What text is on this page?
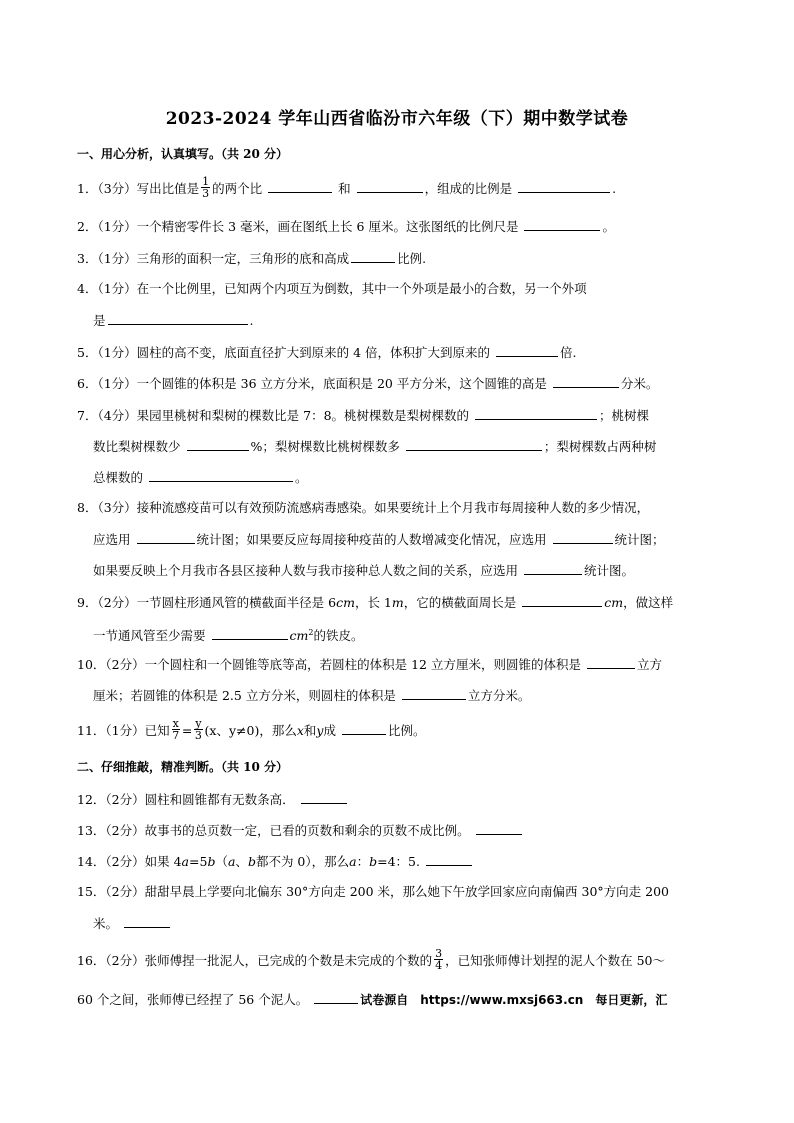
2023-2024 学年山西省临汾市六年级（下）期中数学试卷
一、用心分析，认真填写。（共 20 分）
1．（3分）写出比值是 $\frac{1}{3}$ 的两个比	和	，组成的比例是	.
2．（1分）一个精密零件长 3 毫米，画在图纸上长 6 厘米。这张图纸的比例尺是	。
3．（1分）三角形的面积一定，三角形的底和高成	比例.
4．（1分）在一个比例里，已知两个内项互为倒数，其中一个外项是最小的合数，另一个外项
是	.
5．（1分）圆柱的高不变，底面直径扩大到原来的 4 倍，体积扩大到原来的	倍.
6．（1分）一个圆锥的体积是 36 立方分米，底面积是 20 平方分米，这个圆锥的高是	分米。
7．（4分）果园里桃树和梨树的棵数比是 7：8。桃树棵数是梨树棵数的	；桃树棵
数比梨树棵数少	%；梨树棵数比桃树棵数多	；梨树棵数占两种树
总棵数的	。
8．（3分）接种流感疫苗可以有效预防流感病毒感染。如果要统计上个月我市每周接种人数的多少情况，
应选用	统计图；如果要反应每周接种疫苗的人数增减变化情况，应选用	统计图；
如果要反映上个月我市各县区接种人数与我市接种总人数之间的关系，应选用	统计图。
9．（2分）一节圆柱形通风管的横截面半径是 6cm，长 1m，它的横截面周长是	cm，做这样
一节通风管至少需要	$cm^2$的铁皮。
10．（2分）一个圆柱和一个圆锥等底等高，若圆柱的体积是 12 立方厘米，则圆锥的体积是	立方
厘米；若圆锥的体积是 2.5 立方分米，则圆柱的体积是	立方分米。
11．（1分）已知 $\frac{x}{7} = \frac{y}{3} (x$、y≠0)，那么x和y成	比例。
二、仔细推敲，精准判断。（共 10 分）
12．（2分）圆柱和圆锥都有无数条高．
13．（2分）故事书的总页数一定，已看的页数和剩余的页数不成比例。
14．（2分）如果 4a=5b（a、b都不为 0），那么a：b=4：5.
15．（2分）甜甜早晨上学要向北偏东 30°方向走 200 米，那么她下午放学回家应向南偏西 30°方向走 200
米。
16．（2分）张师傅捏一批泥人，已完成的个数是未完成的个数的 $\frac{3}{4}$ ，已知张师傅计划捏的泥人个数在 50～
60 个之间，张师傅已经捏了 56 个泥人。	试卷源自　https://www.mxsj663.cn　每日更新，汇
